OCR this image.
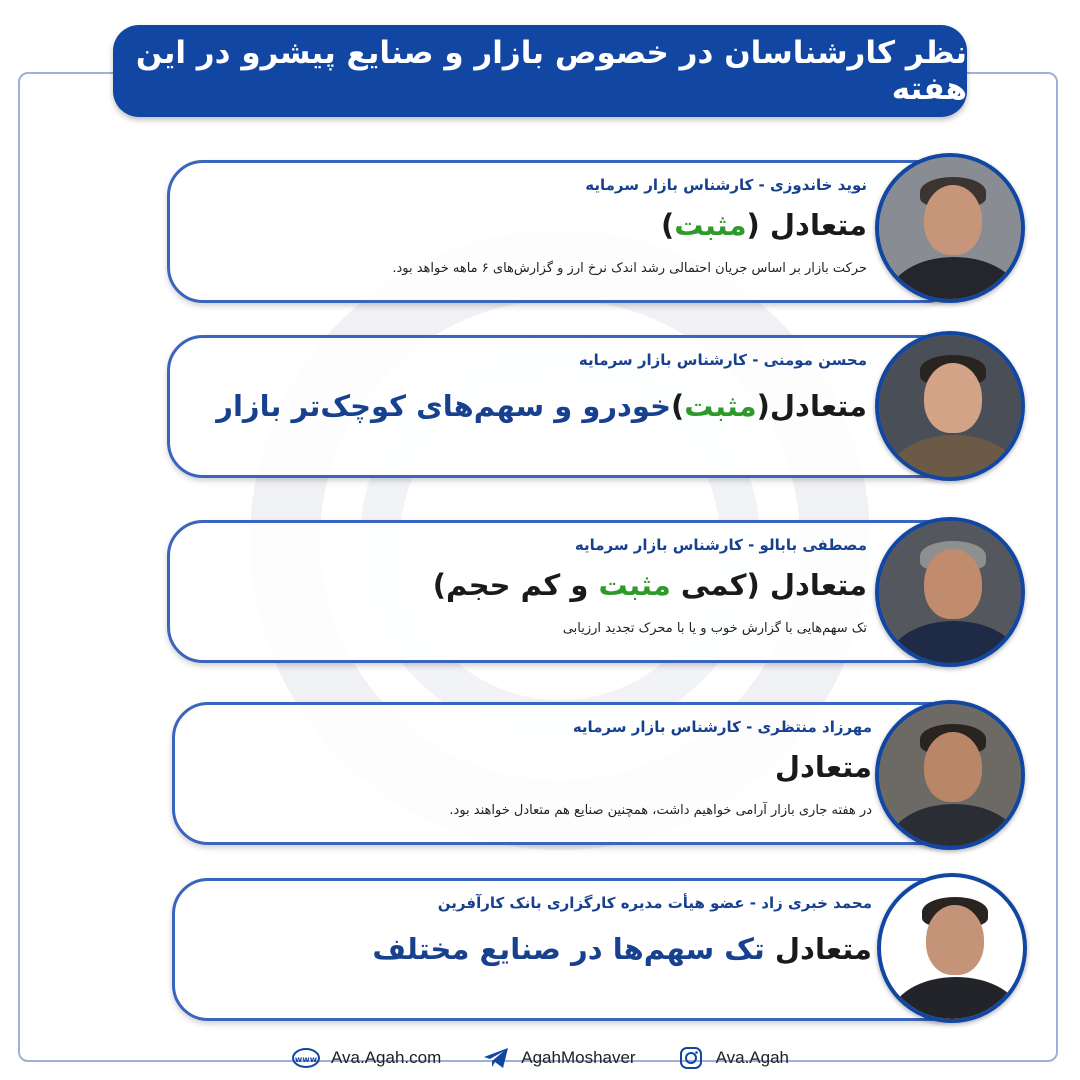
نظر کارشناسان در خصوص بازار و صنایع پیشرو در این هفته
نوید خاندوزی - کارشناس بازار سرمایه
متعادل (مثبت)
حرکت بازار بر اساس جریان احتمالی رشد اندک نرخ ارز و گزارش‌های ۶ ماهه خواهد بود.
محسن مومنی - کارشناس بازار سرمایه
متعادل(مثبت)خودرو و سهم‌های کوچک‌تر بازار
مصطفی بابالو - کارشناس بازار سرمایه
متعادل (کمی مثبت و کم حجم)
تک سهم‌هایی با گزارش خوب و یا با محرک تجدید ارزیابی
مهرزاد منتظری - کارشناس بازار سرمایه
متعادل
در هفته جاری بازار آرامی خواهیم داشت، همچنین صنایع هم متعادل خواهند بود.
محمد خبری زاد - عضو هیأت مدیره کارگزاری بانک کارآفرین
متعادل تک سهم‌ها در صنایع مختلف
www Ava.Agah.com	AgahMoshaver	Ava.Agah
